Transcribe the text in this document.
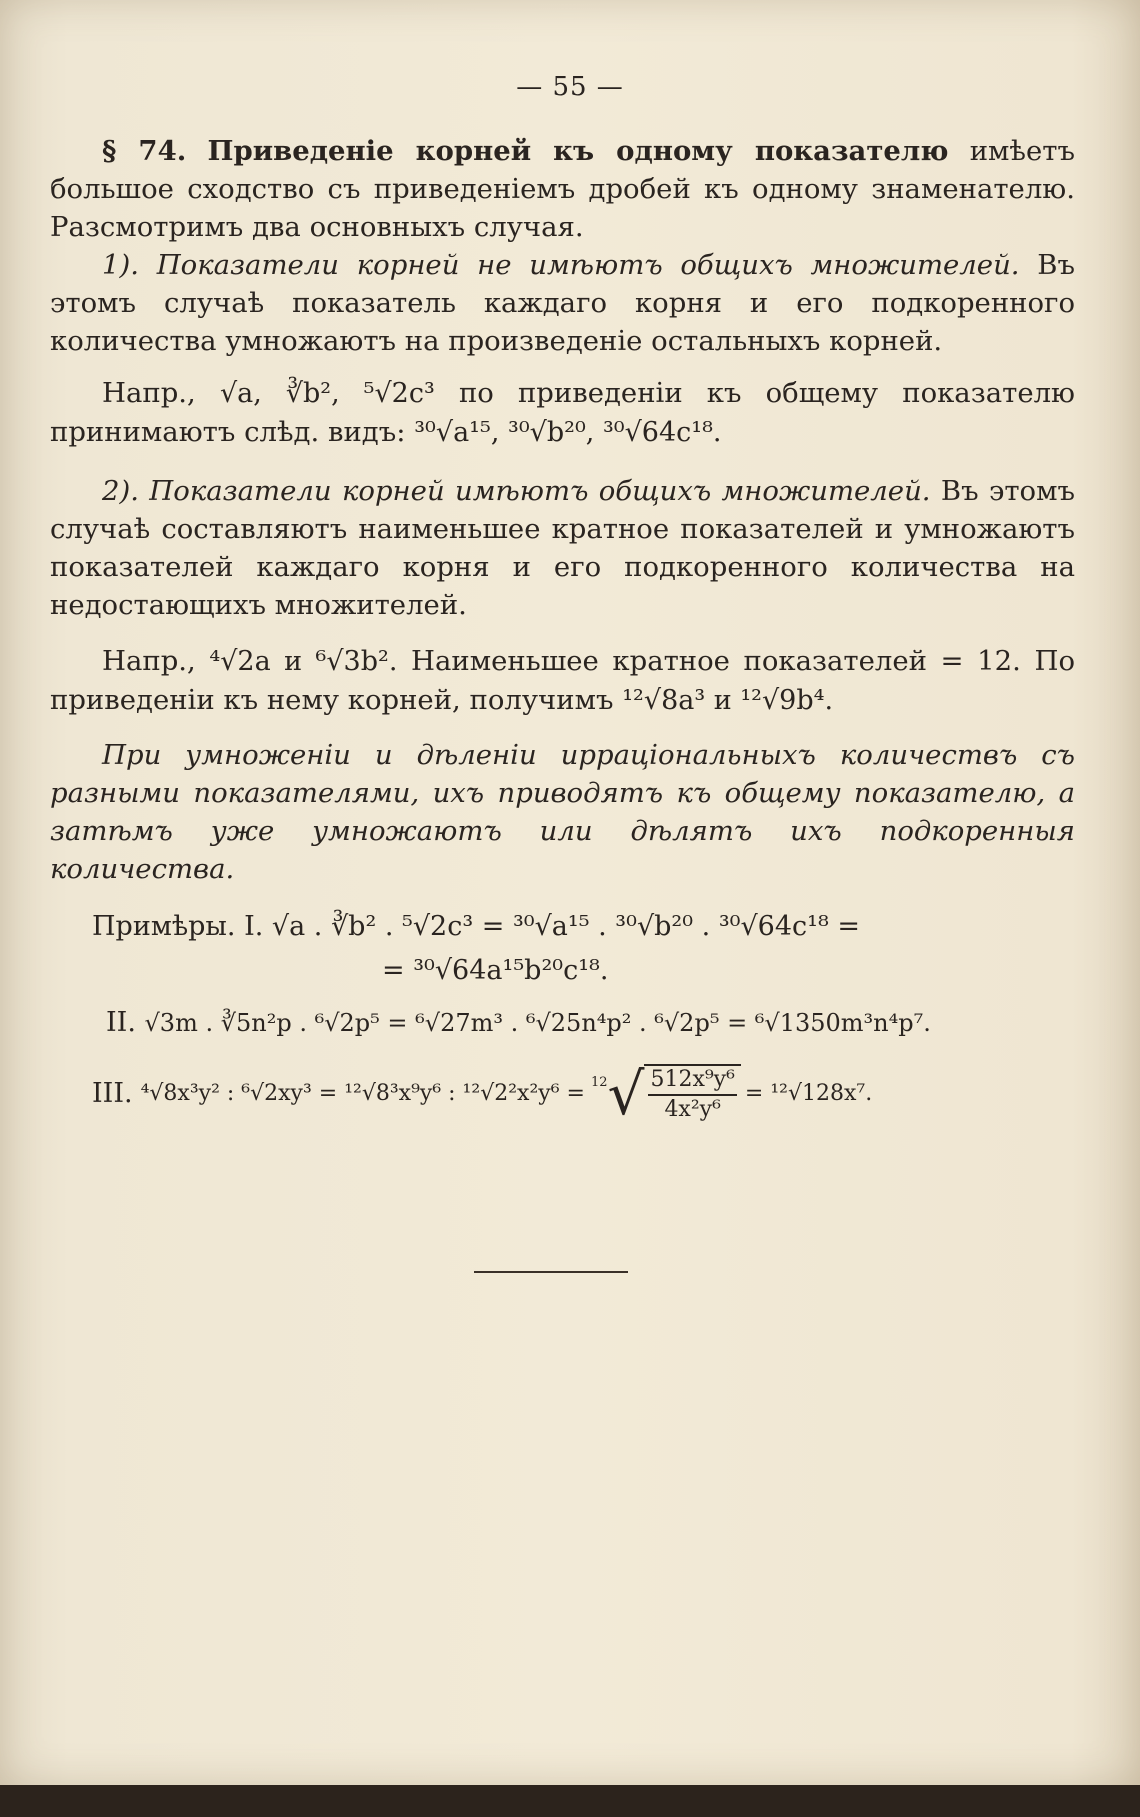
— 55 —

§ 74. Приведеніе корней къ одному показателю имѣетъ большое сходство съ приведеніемъ дробей къ одному знаменателю. Разсмотримъ два основныхъ случая.

1). Показатели корней не имѣютъ общихъ множителей. Въ этомъ случаѣ показатель каждаго корня и его подкоренного количества умножаютъ на произведеніе остальныхъ корней.

Напр., √a, ∛b², ⁵√2c³ по приведеніи къ общему показателю принимаютъ слѣд. видъ: ³⁰√a¹⁵, ³⁰√b²⁰, ³⁰√64c¹⁸.

2). Показатели корней имѣютъ общихъ множителей. Въ этомъ случаѣ составляютъ наименьшее кратное показателей и умножаютъ показателей каждаго корня и его подкоренного количества на недостающихъ множителей.

Напр., ⁴√2a и ⁶√3b². Наименьшее кратное показателей = 12. По приведеніи къ нему корней, получимъ ¹²√8a³ и ¹²√9b⁴.

При умноженіи и дѣленіи ирраціональныхъ количествъ съ разными показателями, ихъ приводятъ къ общему показателю, а затѣмъ уже умножаютъ или дѣлятъ ихъ подкоренныя количества.

Примѣры. I. √a . ∛b² . ⁵√2c³ = ³⁰√a¹⁵ . ³⁰√b²⁰ . ³⁰√64c¹⁸ =
= ³⁰√64a¹⁵b²⁰c¹⁸.
II. √3m . ∛5n²p . ⁶√2p⁵ = ⁶√27m³ . ⁶√25n⁴p² . ⁶√2p⁵ = ⁶√1350m³n⁴p⁷.
III. ⁴√8x³y² : ⁶√2xy³ = ¹²√8³x⁹y⁶ : ¹²√2²x²y⁶ = 12 √ $\frac{\text{512x⁹y⁶}}{\text{4x²y⁶}} = ^{12}√128x^7$.
